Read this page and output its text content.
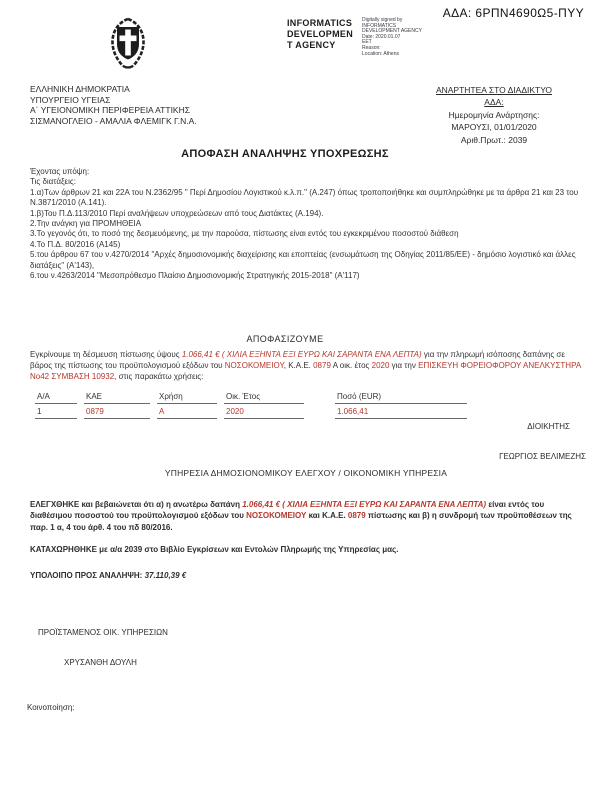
ΑΔΑ: 6ΡΠΝ4690Ω5-ΠΥΥ
INFORMATICS
DEVELOPMEN
T AGENCY
Digitally signed by
INFORMATICS
DEVELOPMENT AGENCY
Date: 2020.01.07
EET
Reason:
Location: Athens
ΕΛΛΗΝΙΚΗ ΔΗΜΟΚΡΑΤΙΑ
ΥΠΟΥΡΓΕΙΟ ΥΓΕΙΑΣ
Α΄ ΥΓΕΙΟΝΟΜΙΚΗ ΠΕΡΙΦΕΡΕΙΑ ΑΤΤΙΚΗΣ
ΣΙΣΜΑΝΟΓΛΕΙΟ - ΑΜΑΛΙΑ ΦΛΕΜΙΓΚ Γ.Ν.Α.
ΑΝΑΡΤΗΤΕΑ ΣΤΟ ΔΙΑΔΙΚΤΥΟ
ΑΔΑ:
Ημερομηνία Ανάρτησης:
ΜΑΡΟΥΣΙ, 01/01/2020
Αριθ.Πρωτ.: 2039
ΑΠΟΦΑΣΗ ΑΝΑΛΗΨΗΣ ΥΠΟΧΡΕΩΣΗΣ
Έχοντας υπόψη:
Τις διατάξεις:
1.α)Των άρθρων 21 και 22Α του Ν.2362/95 " Περί Δημοσίου Λογιστικού κ.λ.π." (Α.247) όπως τροποποιήθηκε και συμπληρώθηκε με τα άρθρα 21 και 23 του Ν.3871/2010 (Α.141).
1.β)Του Π.Δ.113/2010 Περί αναλήψεων υποχρεώσεων από τους Διατάκτες (Α.194).
2.Την ανάγκη για ΠΡΟΜΗΘΕΙΑ
3.Το γεγονός ότι, το ποσό της δεσμευόμενης, με την παρούσα, πίστωσης είναι εντός του εγκεκριμένου ποσοστού διάθεση
4.Το Π.Δ. 80/2016 (Α145)
5.του άρθρου 67 του ν.4270/2014 "Αρχές δημοσιονομικής διαχείρισης και εποπτείας (ενσωμάτωση της Οδηγίας 2011/85/ΕΕ) - δημόσιο λογιστικό και άλλες διατάξεις" (Α'143),
6.του ν.4263/2014 "Μεσοπρόθεσμο Πλαίσιο Δημοσιονομικής Στρατηγικής 2015-2018" (Α'117)
ΑΠΟΦΑΣΙΖΟΥΜΕ

Εγκρίνουμε τη δέσμευση πίστωσης ύψους 1.066,41 € ( ΧΙΛΙΑ ΕΞΗΝΤΑ ΕΞΙ ΕΥΡΩ ΚΑΙ ΣΑΡΑΝΤΑ ΕΝΑ ΛΕΠΤΑ) για την πληρωμή ισόποσης δαπάνης σε βάρος της πίστωσης του προϋπολογισμού εξόδων του ΝΟΣΟΚΟΜΕΙΟΥ, Κ.Α.Ε. 0879 Α οικ. έτος 2020 για την ΕΠΙΣΚΕΥΗ ΦΟΡΕΙΟΦΟΡΟΥ ΑΝΕΛΚΥΣΤΗΡΑ Νο42 ΣΥΜΒΑΣΗ 10932, στις παρακάτω χρήσεις:

Α/Α	ΚΑΕ	Χρήση	Οικ. Έτος	Ποσό (EUR)
1	0879	Α	2020	1.066,41
ΔΙΟΙΚΗΤΗΣ
ΓΕΩΡΓΙΟΣ ΒΕΛΙΜΕΖΗΣ
ΥΠΗΡΕΣΙΑ ΔΗΜΟΣΙΟΝΟΜΙΚΟΥ ΕΛΕΓΧΟΥ / ΟΙΚΟΝΟΜΙΚΗ ΥΠΗΡΕΣΙΑ

ΕΛΕΓΧΘΗΚΕ και βεβαιώνεται ότι α) η ανωτέρω δαπάνη 1.066,41 € ( ΧΙΛΙΑ ΕΞΗΝΤΑ ΕΞΙ ΕΥΡΩ ΚΑΙ ΣΑΡΑΝΤΑ ΕΝΑ ΛΕΠΤΑ) είναι εντός του διαθέσιμου ποσοστού του προϋπολογισμού εξόδων του ΝΟΣΟΚΟΜΕΙΟΥ και Κ.Α.Ε. 0879 πίστωσης και β) η συνδρομή των προϋποθέσεων της παρ. 1 α, 4 του άρθ. 4 του πδ 80/2016.

ΚΑΤΑΧΩΡΗΘΗΚΕ με α/α 2039 στο Βιβλίο Εγκρίσεων και Εντολών Πληρωμής της Υπηρεσίας μας.
ΥΠΟΛΟΙΠΟ ΠΡΟΣ ΑΝΑΛΗΨΗ: 37.110,39 €
ΠΡΟΪΣΤΑΜΕΝΟΣ ΟΙΚ. ΥΠΗΡΕΣΙΩΝ
ΧΡΥΣΑΝΘΗ ΔΟΥΛΗ
Κοινοποίηση:
